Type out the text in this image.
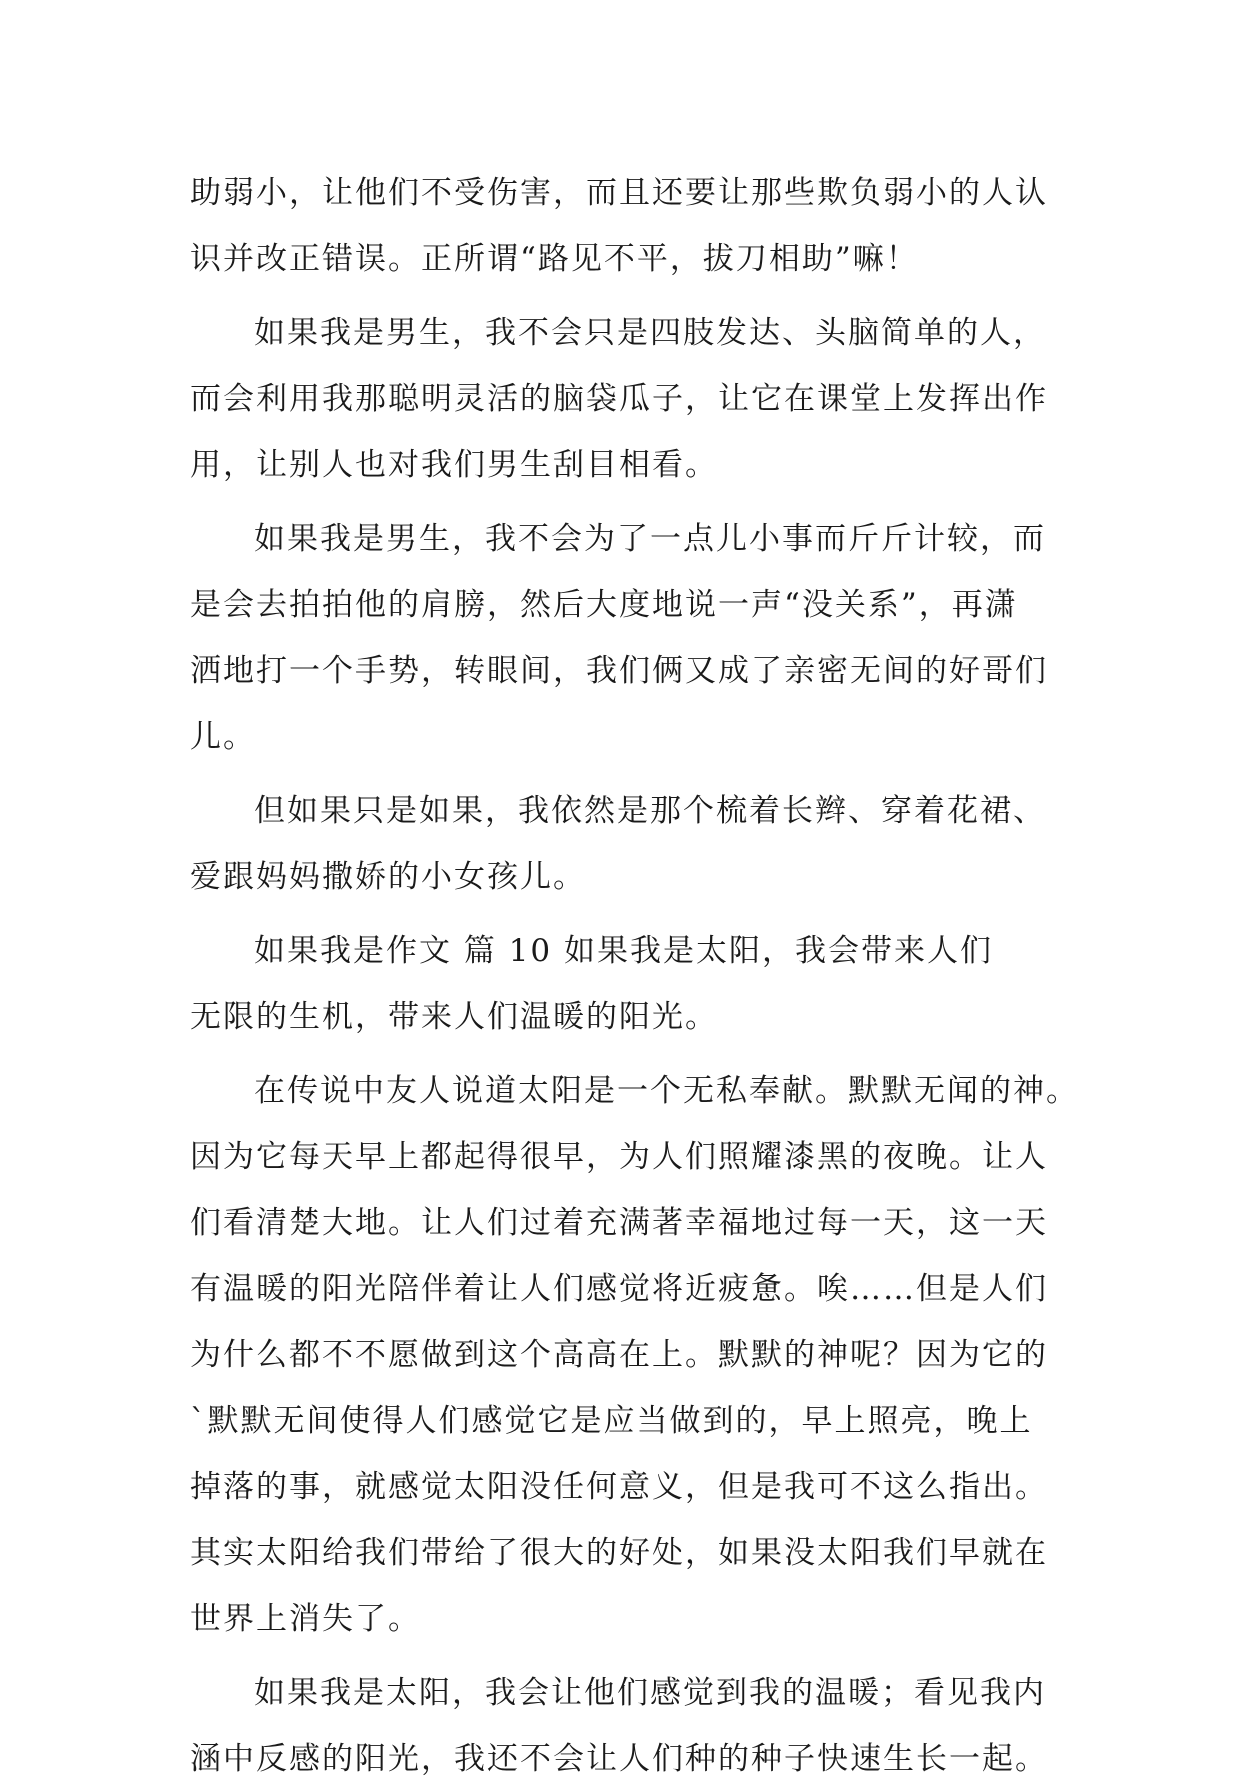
助弱小，让他们不受伤害，而且还要让那些欺负弱小的人认
识并改正错误。正所谓“路见不平，拔刀相助”嘛！
如果我是男生，我不会只是四肢发达、头脑简单的人，
而会利用我那聪明灵活的脑袋瓜子，让它在课堂上发挥出作
用，让别人也对我们男生刮目相看。
如果我是男生，我不会为了一点儿小事而斤斤计较，而
是会去拍拍他的肩膀，然后大度地说一声“没关系”，再潇
洒地打一个手势，转眼间，我们俩又成了亲密无间的好哥们
儿。
但如果只是如果，我依然是那个梳着长辫、穿着花裙、
爱跟妈妈撒娇的小女孩儿。
如果我是作文 篇 10 如果我是太阳，我会带来人们
无限的生机，带来人们温暖的阳光。
在传说中友人说道太阳是一个无私奉献。默默无闻的神。
因为它每天早上都起得很早，为人们照耀漆黑的夜晚。让人
们看清楚大地。让人们过着充满著幸福地过每一天，这一天
有温暖的阳光陪伴着让人们感觉将近疲惫。唉……但是人们
为什么都不不愿做到这个高高在上。默默的神呢？因为它的
`默默无间使得人们感觉它是应当做到的，早上照亮，晚上
掉落的事，就感觉太阳没任何意义，但是我可不这么指出。
其实太阳给我们带给了很大的好处，如果没太阳我们早就在
世界上消失了。
如果我是太阳，我会让他们感觉到我的温暖；看见我内
涵中反感的阳光，我还不会让人们种的种子快速生长一起。
